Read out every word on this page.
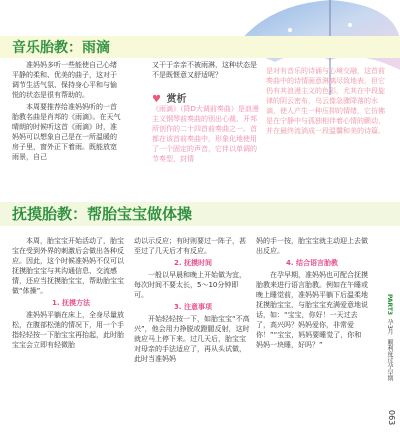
音乐胎教：雨滴

准妈妈多听一些能使自己心绪平静的柔和、优美的曲子，这对于调节生活气氛、保持身心平和与愉悦的状态是很有帮助的。

本周要推荐给准妈妈听的一首胎教名曲是肖邦的《雨滴》。在天气晴朗的时候听这首《雨滴》时，准妈妈可以想象自己是在一所温暖的房子里，窗外正下着雨。既能放宽雨景，自己

又干于亲亲不被雨淋，这种状态是不是既惬意又舒适呢？
♥ 赏析
《雨滴》（降D大调前奏曲）是浪漫主义钢琴前奏曲的别出心裁、开邦所创作的二十四首前奏曲之一。首都在该首前奏曲中，形象化地使用了一个固定的声音，它伴以单调的节奏型，封情
是对有音乐的诗诵与心境交融，这首前奏曲中的诗情画意淋漓尽致地表，但它仍有其浪漫主义的色彩，尤其在中段旋律的阴云密布，乌云像急骤降落的水滴，使人产生一种压抑的情绪，它仿佛是在宁静中与孤独相伴着心情的颤动，并在最终流淌成一段温馨和美的诗篇。
抚摸胎教：帮胎宝宝做体操

本周，胎宝宝开始活动了，胎宝宝在受到外界的刺激后会做出各种反应。因此，这个时候准妈妈不仅可以抚摸胎宝宝与其沟通信息、交流感情，还应当抚摸胎宝宝，帮助胎宝宝做“体操”。

1. 抚摸方法

准妈妈平躺在床上，全身尽量放松，在腹部松弛的情况下，用一个手指轻轻按一下胎宝宝再抬起，此时胎宝宝会立即有轻微胎

动以示反应；有时则要过一阵子，甚至过了几天后才有反应。

2. 抚摸时间

一般以早晨和晚上开始做为宜，每次时间不要太长，5～10分钟即可。

3. 注意事项

开始轻轻按一下，如胎宝宝“不高兴”，他会用力挣脱或蹬腿反射，这时就应马上停下来。过几天后，胎宝宝对母亲的手法适应了，再从头试做，此时当准妈妈

妈的手一按，胎宝宝就主动迎上去做出反应。

4. 结合语言胎教

在孕早期，准妈妈也可配合抚摸胎教来进行语言胎教。例如在午睡或晚上睡觉前，准妈妈平躺下后温柔地抚摸胎宝宝，与胎宝宝充满爱意地说话，如：“宝宝，你好！一天过去了，高兴吗？妈妈爱你，非常爱你！”“宝宝，妈妈要睡觉了，你和妈妈一块睡，好吗？”

PART3
孕3月
顺利度过孕早期
063
